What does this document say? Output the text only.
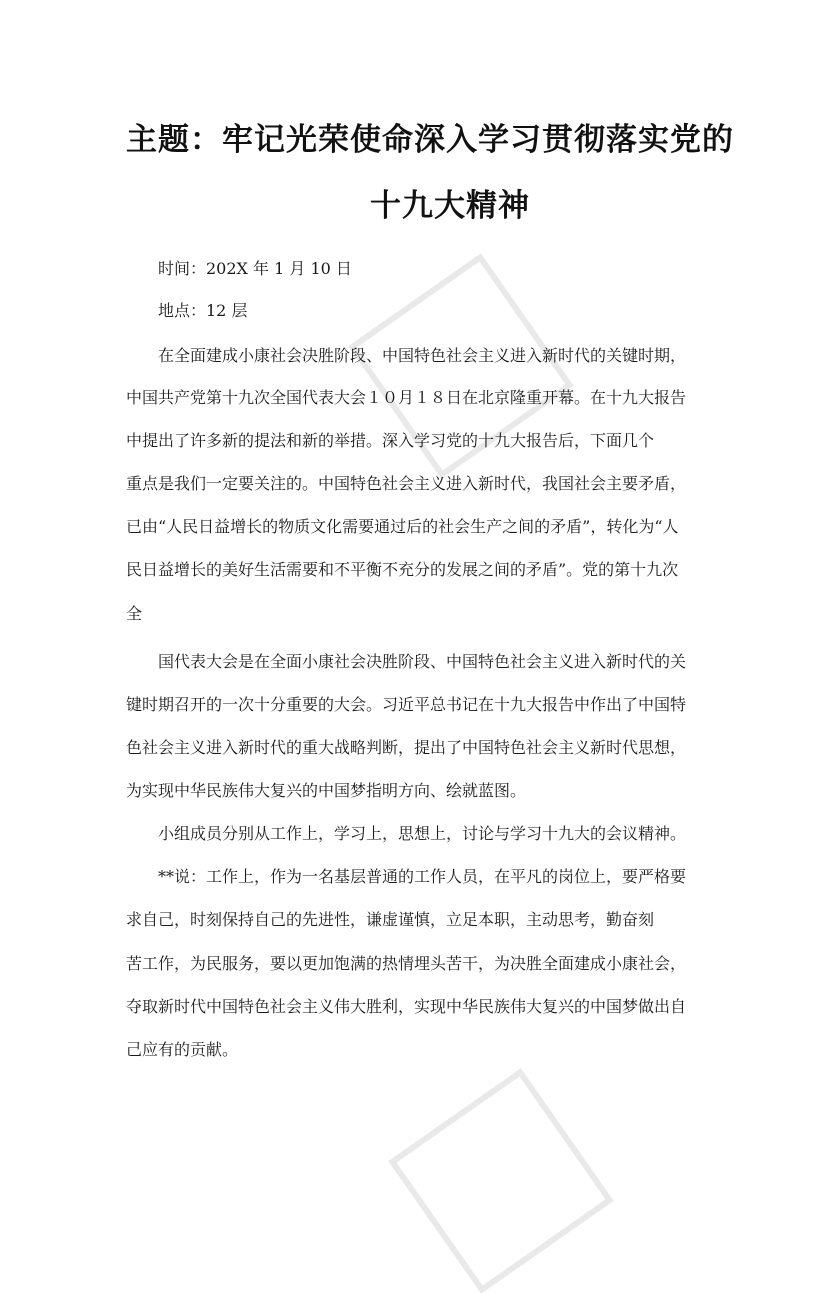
主题：牢记光荣使命深入学习贯彻落实党的
十九大精神
时间：202X 年 1 月 10 日
地点：12 层
在全面建成小康社会决胜阶段、中国特色社会主义进入新时代的关键时期，
中国共产党第十九次全国代表大会１０月１８日在北京隆重开幕。在十九大报告
中提出了许多新的提法和新的举措。深入学习党的十九大报告后，下面几个
重点是我们一定要关注的。中国特色社会主义进入新时代，我国社会主要矛盾，
已由“人民日益增长的物质文化需要通过后的社会生产之间的矛盾”，转化为“人
民日益增长的美好生活需要和不平衡不充分的发展之间的矛盾”。党的第十九次
全
国代表大会是在全面小康社会决胜阶段、中国特色社会主义进入新时代的关
键时期召开的一次十分重要的大会。习近平总书记在十九大报告中作出了中国特
色社会主义进入新时代的重大战略判断，提出了中国特色社会主义新时代思想，
为实现中华民族伟大复兴的中国梦指明方向、绘就蓝图。
小组成员分别从工作上，学习上，思想上，讨论与学习十九大的会议精神。
**说：工作上，作为一名基层普通的工作人员，在平凡的岗位上，要严格要
求自己，时刻保持自己的先进性，谦虚谨慎，立足本职，主动思考，勤奋刻
苦工作，为民服务，要以更加饱满的热情埋头苦干，为决胜全面建成小康社会，
夺取新时代中国特色社会主义伟大胜利，实现中华民族伟大复兴的中国梦做出自
己应有的贡献。
